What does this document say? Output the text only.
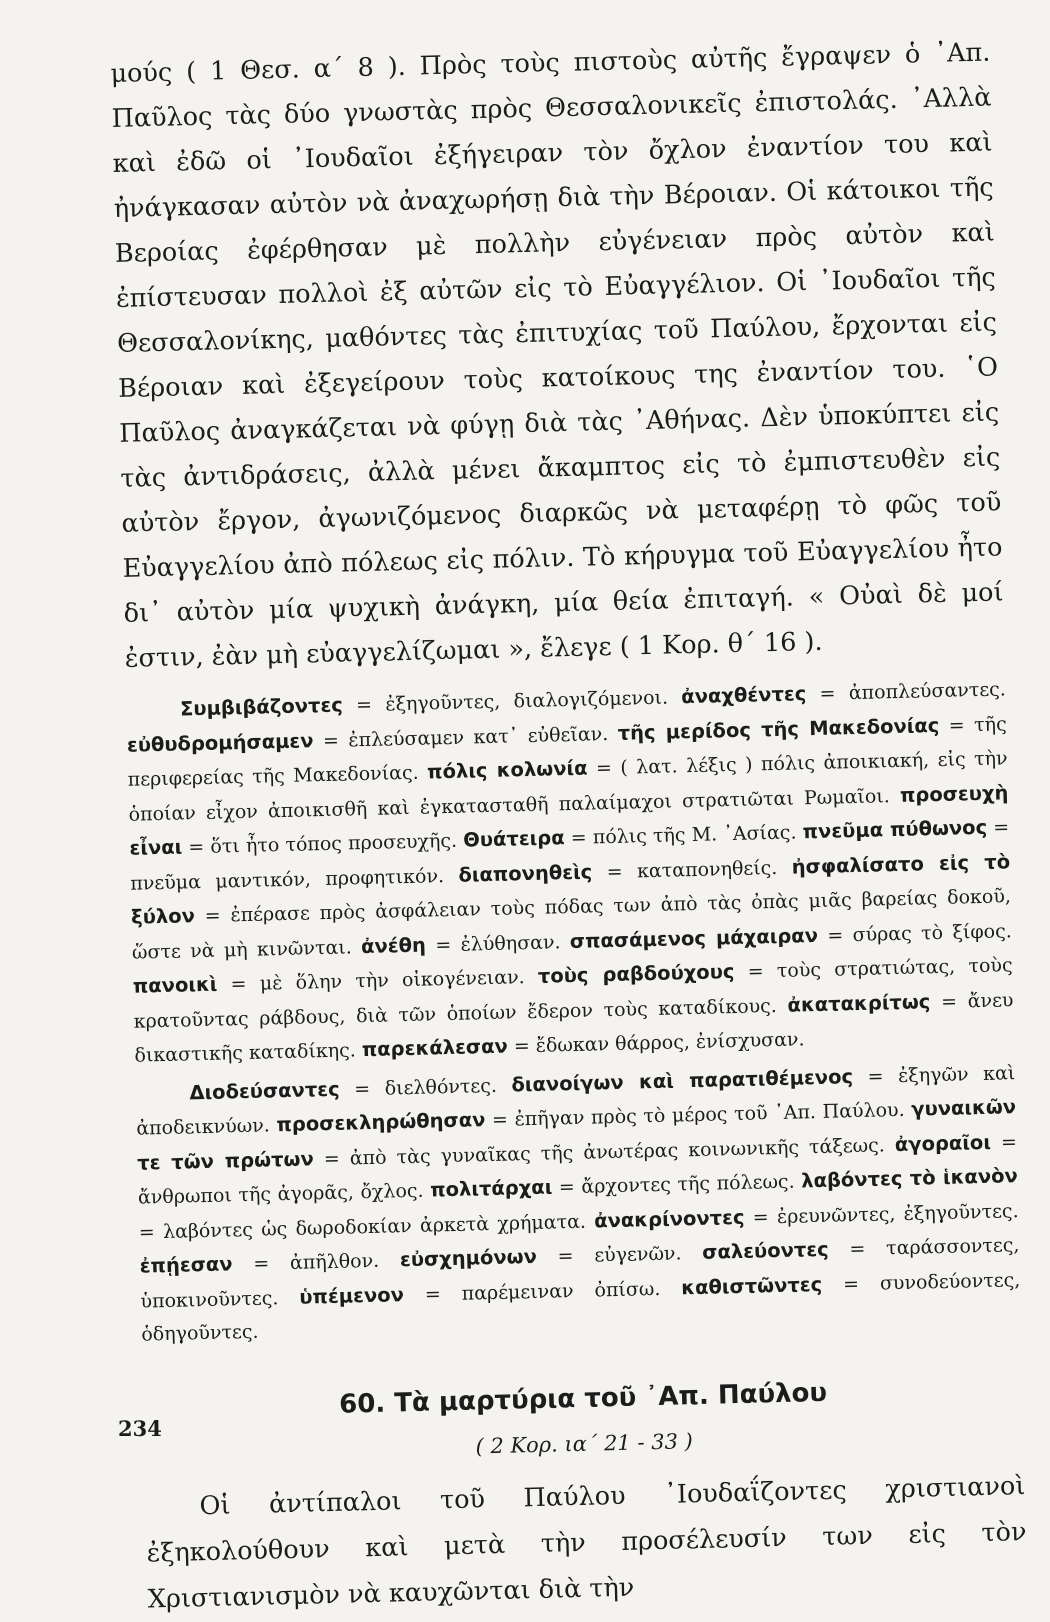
μούς ( 1 Θεσ. α΄ 8 ). Πρὸς τοὺς πιστοὺς αὐτῆς ἔγραψεν ὁ ᾿Απ. Παῦλος τὰς δύο γνωστὰς πρὸς Θεσσαλονικεῖς ἐπιστολάς. ᾿Αλλὰ καὶ ἐδῶ οἱ ᾿Ιουδαῖοι ἐξήγειραν τὸν ὄχλον ἐναντίον του καὶ ἠνάγκασαν αὐτὸν νὰ ἀναχωρήσῃ διὰ τὴν Βέροιαν. Οἱ κάτοικοι τῆς Βεροίας ἐφέρθησαν μὲ πολλὴν εὐγένειαν πρὸς αὐτὸν καὶ ἐπίστευσαν πολλοὶ ἐξ αὐτῶν εἰς τὸ Εὐαγγέλιον. Οἱ ᾿Ιουδαῖοι τῆς Θεσσαλονίκης, μαθόντες τὰς ἐπιτυχίας τοῦ Παύλου, ἔρχονται εἰς Βέροιαν καὶ ἐξεγείρουν τοὺς κατοίκους της ἐναντίον του. ῾Ο Παῦλος ἀναγκάζεται νὰ φύγῃ διὰ τὰς ᾿Αθήνας. Δὲν ὑποκύπτει εἰς τὰς ἀντιδράσεις, ἀλλὰ μένει ἄκαμπτος εἰς τὸ ἐμπιστευθὲν εἰς αὐτὸν ἔργον, ἀγωνιζόμενος διαρκῶς νὰ μεταφέρῃ τὸ φῶς τοῦ Εὐαγγελίου ἀπὸ πόλεως εἰς πόλιν. Τὸ κήρυγμα τοῦ Εὐαγγελίου ἦτο δι᾿ αὐτὸν μία ψυχικὴ ἀνάγκη, μία θεία ἐπιταγή. « Οὐαὶ δὲ μοί ἐστιν, ἐὰν μὴ εὐαγγελίζωμαι », ἔλεγε ( 1 Κορ. θ΄ 16 ).

Συμβιβάζοντες = ἐξηγοῦντες, διαλογιζόμενοι. ἀναχθέντες = ἀποπλεύσαντες. εὐθυδρομήσαμεν = ἐπλεύσαμεν κατ᾿ εὐθεῖαν. τῆς μερίδος τῆς Μακεδονίας = τῆς περιφερείας τῆς Μακεδονίας. πόλις κολωνία = ( λατ. λέξις ) πόλις ἀποικιακή, εἰς τὴν ὁποίαν εἶχον ἀποικισθῆ καὶ ἐγκατασταθῆ παλαίμαχοι στρατιῶται Ρωμαῖοι. προσευχὴ εἶναι = ὅτι ἦτο τόπος προσευχῆς. Θυάτειρα = πόλις τῆς Μ. ᾿Ασίας. πνεῦμα πύθωνος = πνεῦμα μαντικόν, προφητικόν. διαπονηθεὶς = καταπονηθείς. ἠσφαλίσατο εἰς τὸ ξύλον = ἐπέρασε πρὸς ἀσφάλειαν τοὺς πόδας των ἀπὸ τὰς ὀπὰς μιᾶς βαρείας δοκοῦ, ὥστε νὰ μὴ κινῶνται. ἀνέθη = ἐλύθησαν. σπασάμενος μάχαιραν = σύρας τὸ ξίφος. πανοικὶ = μὲ ὅλην τὴν οἰκογένειαν. τοὺς ραβδούχους = τοὺς στρατιώτας, τοὺς κρατοῦντας ράβδους, διὰ τῶν ὁποίων ἔδερον τοὺς καταδίκους. ἀκατακρίτως = ἄνευ δικαστικῆς καταδίκης. παρεκάλεσαν = ἔδωκαν θάρρος, ἐνίσχυσαν.

Διοδεύσαντες = διελθόντες. διανοίγων καὶ παρατιθέμενος = ἐξηγῶν καὶ ἀποδεικνύων. προσεκληρώθησαν = ἐπῆγαν πρὸς τὸ μέρος τοῦ ᾿Απ. Παύλου. γυναικῶν τε τῶν πρώτων = ἀπὸ τὰς γυναῖκας τῆς ἀνωτέρας κοινωνικῆς τάξεως. ἀγοραῖοι = ἄνθρωποι τῆς ἀγορᾶς, ὄχλος. πολιτάρχαι = ἄρχοντες τῆς πόλεως. λαβόντες τὸ ἱκανὸν = λαβόντες ὡς δωροδοκίαν ἀρκετὰ χρήματα. ἀνακρίνοντες = ἐρευνῶντες, ἐξηγοῦντες. ἐπῄεσαν = ἀπῆλθον. εὐσχημόνων = εὐγενῶν. σαλεύοντες = ταράσσοντες, ὑποκινοῦντες. ὑπέμενον = παρέμειναν ὀπίσω. καθιστῶντες = συνοδεύοντες, ὁδηγοῦντες.

60. Τὰ μαρτύρια τοῦ ᾿Απ. Παύλου

( 2 Κορ. ια΄ 21 - 33 )

Οἱ ἀντίπαλοι τοῦ Παύλου ᾿Ιουδαΐζοντες χριστιανοὶ ἐξηκολούθουν καὶ μετὰ τὴν προσέλευσίν των εἰς τὸν Χριστιανισμὸν νὰ καυχῶνται διὰ τὴν

234
